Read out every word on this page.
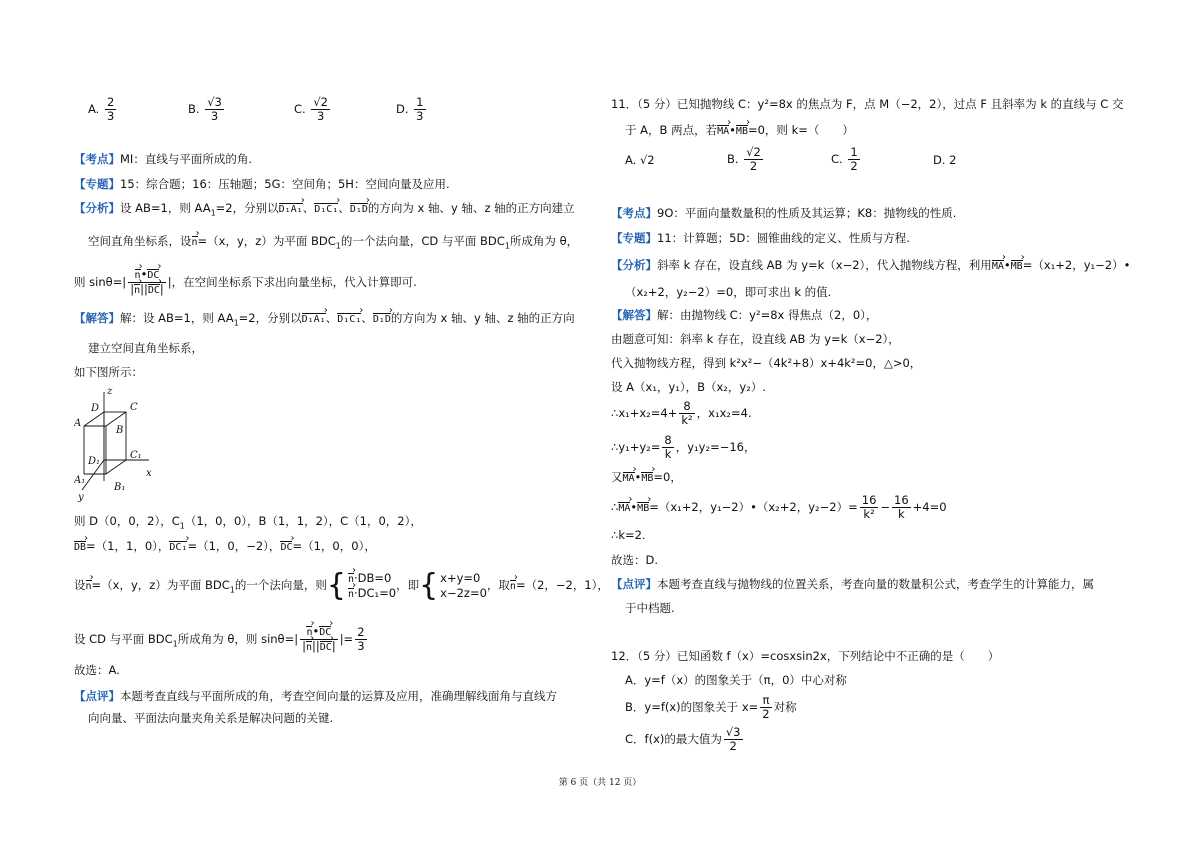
A. $\frac{2}{3}$	B. $\frac{√3}{3}$	C. $\frac{√2}{3}$	D. $\frac{1}{3}$
【考点】MI：直线与平面所成的角.
【专题】15：综合题；16：压轴题；5G：空间角；5H：空间向量及应用.
【分析】设 AB=1，则 $AA_1=2$，分别以D₁A₁ ›、D₁C₁ ›、D₁D ›的方向为 x 轴、y 轴、z 轴的正方向建立
空间直角坐标系，设n ›=（x，y，z）为平面 $BDC_1$的一个法向量，CD 与平面 $BDC_1$所成角为 θ，
则 $\sin\theta=| \frac{n ›•DC ›}{|n ›||DC ›|}$ |，在空间坐标系下求出向量坐标，代入计算即可.
【解答】解：设 AB=1，则 $AA_1=2$，分别以D₁A₁ ›、D₁C₁ ›、D₁D ›的方向为 x 轴、y 轴、z 轴的正方向
建立空间直角坐标系，
如下图所示：
z
D	C
A
B
D₁
C₁
x
A₁
B₁
y
则 D（0，0，2），$C_1(1$，0，0），B（1，1，2），C（1，0，2），
DB ›=（1，1，0），DC₁ ›=（1，0，−2），DC ›=（1，0，0），
设n ›=（x，y，z）为平面 $BDC_1$的一个法向量，则{ n ›·DB=0
n ›·DC₁=0
，即{ x+y=0
x−2z=0
，取n ›=（2，−2，1），
设 CD 与平面 $BDC_1$所成角为 θ，则 $\sin\theta=| \frac{n ›•DC ›}{|n ›||DC ›|}$ |= $\frac{2}{3}$
故选：A.
【点评】本题考查直线与平面所成的角，考查空间向量的运算及应用，准确理解线面角与直线方
向向量、平面法向量夹角关系是解决问题的关键.
11．（5 分）已知抛物线 C：y²=8x 的焦点为 F，点 M（−2，2），过点 F 且斜率为 k 的直线与 C 交
于 A，B 两点，若MA ›•MB ›=0，则 k=（　　）
A. √2	B. $\frac{√2}{2}$	C. $\frac{1}{2}$	D. 2
【考点】9O：平面向量数量积的性质及其运算；K8：抛物线的性质.
【专题】11：计算题；5D：圆锥曲线的定义、性质与方程.
【分析】斜率 k 存在，设直线 AB 为 y=k（x−2），代入抛物线方程，利用MA ›•MB ›=（x₁+2，y₁−2）•
（x₂+2，y₂−2）=0，即可求出 k 的值.
【解答】解：由抛物线 C：y²=8x 得焦点（2，0），
由题意可知：斜率 k 存在，设直线 AB 为 y=k（x−2），
代入抛物线方程，得到 k²x²−（4k²+8）x+4k²=0，△>0，
设 A（x₁，y₁），B（x₂，y₂）.
∴x₁+x₂=4+ $\frac{8}{\text{k²}}$ ，x₁x₂=4.
∴y₁+y₂= $\frac{8}{k}$ ，y₁y₂=−16，
又MA ›•MB ›=0，
∴MA ›•MB ›=（x₁+2，y₁−2）•（x₂+2，$y_2-2)= \frac{16}{\text{k²}} - \frac{16}{k} +4=0$
∴k=2.
故选：D.
【点评】本题考查直线与抛物线的位置关系，考查向量的数量积公式，考查学生的计算能力，属
于中档题.
12．（5 分）已知函数 f（x）=cosxsin2x，下列结论中不正确的是（　　）
A．y=f（x）的图象关于（π，0）中心对称
B．y=f(x)的图象关于 $x= \frac{\pi}{2}$ 对称
C．f(x)的最大值为 $\frac{√3}{2}$
第 6 页（共 12 页）
